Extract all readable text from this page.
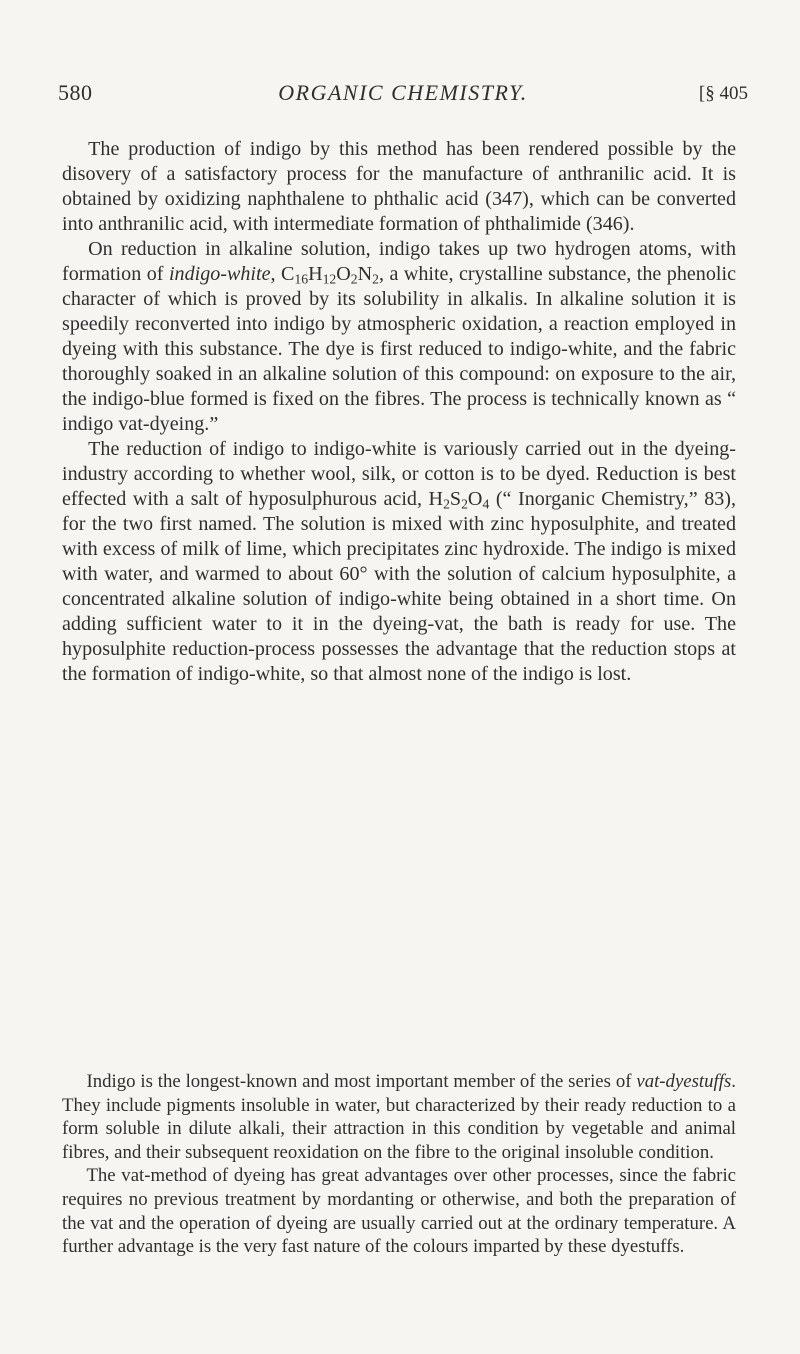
580	ORGANIC CHEMISTRY.	[§ 405

The production of indigo by this method has been rendered possible by the disovery of a satisfactory process for the manufacture of anthranilic acid. It is obtained by oxidizing naphthalene to phthalic acid (347), which can be converted into anthranilic acid, with intermediate formation of phthalimide (346).

On reduction in alkaline solution, indigo takes up two hydrogen atoms, with formation of indigo-white, $C_{16}H_{12}O_2N_2$, a white, crystalline substance, the phenolic character of which is proved by its solubility in alkalis. In alkaline solution it is speedily reconverted into indigo by atmospheric oxidation, a reaction employed in dyeing with this substance. The dye is first reduced to indigo-white, and the fabric thoroughly soaked in an alkaline solution of this compound: on exposure to the air, the indigo-blue formed is fixed on the fibres. The process is technically known as “ indigo vat-dyeing.”

The reduction of indigo to indigo-white is variously carried out in the dyeing-industry according to whether wool, silk, or cotton is to be dyed. Reduction is best effected with a salt of hyposulphurous acid, $H_2S_2O_4$ (“ Inorganic Chemistry,” 83), for the two first named. The solution is mixed with zinc hyposulphite, and treated with excess of milk of lime, which precipitates zinc hydroxide. The indigo is mixed with water, and warmed to about 60° with the solution of calcium hyposulphite, a concentrated alkaline solution of indigo-white being obtained in a short time. On adding sufficient water to it in the dyeing-vat, the bath is ready for use. The hyposulphite reduction-process possesses the advantage that the reduction stops at the formation of indigo-white, so that almost none of the indigo is lost.

Indigo is the longest-known and most important member of the series of vat-dyestuffs. They include pigments insoluble in water, but characterized by their ready reduction to a form soluble in dilute alkali, their attraction in this condition by vegetable and animal fibres, and their subsequent reoxidation on the fibre to the original insoluble condition.

The vat-method of dyeing has great advantages over other processes, since the fabric requires no previous treatment by mordanting or otherwise, and both the preparation of the vat and the operation of dyeing are usually carried out at the ordinary temperature. A further advantage is the very fast nature of the colours imparted by these dyestuffs.
